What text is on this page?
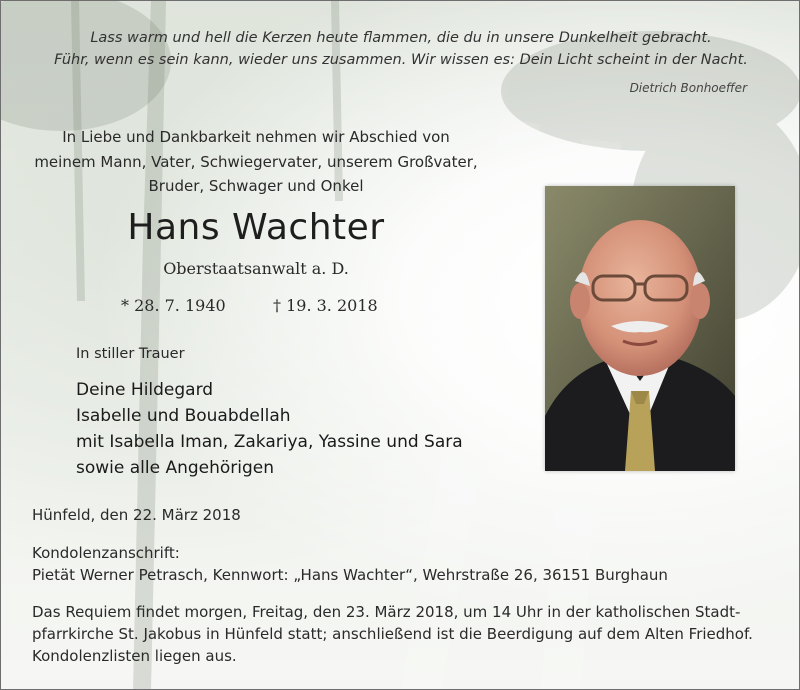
Lass warm und hell die Kerzen heute flammen, die du in unsere Dunkelheit gebracht.
Führ, wenn es sein kann, wieder uns zusammen. Wir wissen es: Dein Licht scheint in der Nacht.
Dietrich Bonhoeffer
In Liebe und Dankbarkeit nehmen wir Abschied von
meinem Mann, Vater, Schwiegervater, unserem Großvater,
Bruder, Schwager und Onkel
Hans Wachter
Oberstaatsanwalt a. D.
* 28. 7. 1940	† 19. 3. 2018
In stiller Trauer
Deine Hildegard
Isabelle und Bouabdellah
mit Isabella Iman, Zakariya, Yassine und Sara
sowie alle Angehörigen
Hünfeld, den 22. März 2018
Kondolenzanschrift:
Pietät Werner Petrasch, Kennwort: „Hans Wachter“, Wehrstraße 26, 36151 Burghaun
Das Requiem findet morgen, Freitag, den 23. März 2018, um 14 Uhr in der katholischen Stadt-
pfarrkirche St. Jakobus in Hünfeld statt; anschließend ist die Beerdigung auf dem Alten Friedhof.
Kondolenzlisten liegen aus.
